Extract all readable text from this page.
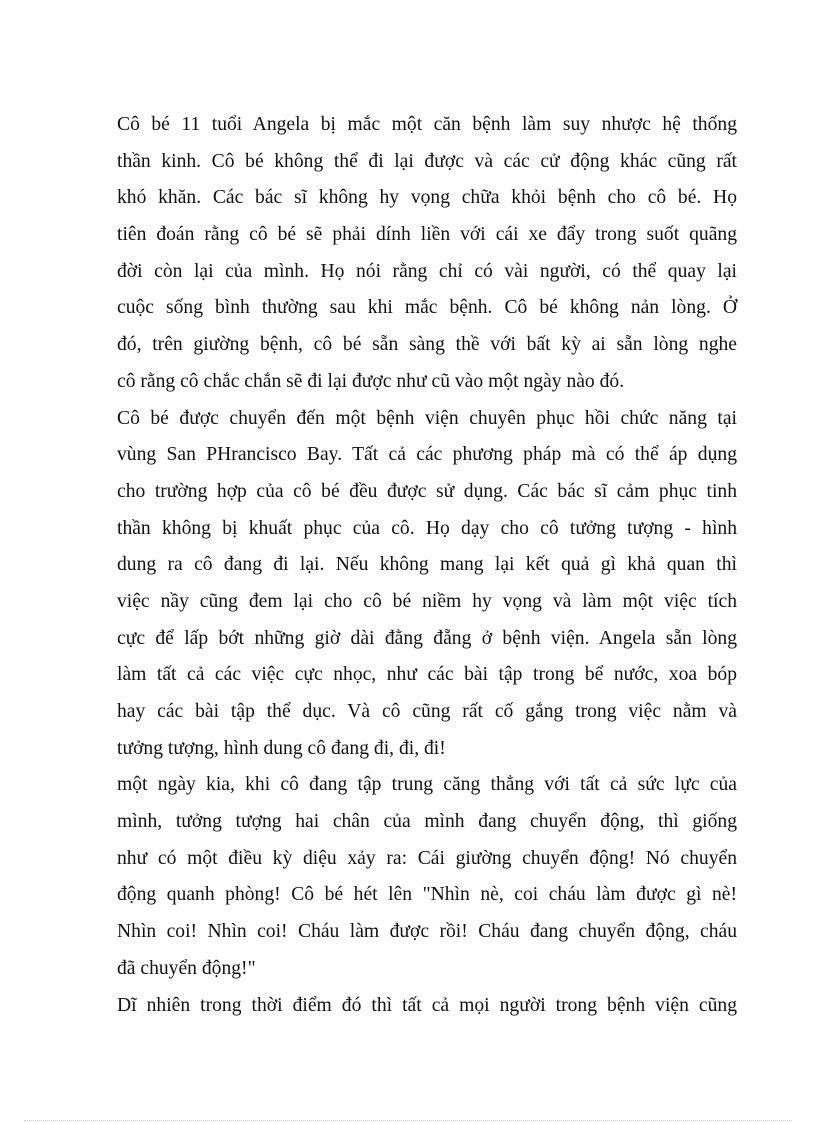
Cô bé 11 tuổi Angela bị mắc một căn bệnh làm suy nhược hệ thống
thần kinh. Cô bé không thể đi lại được và các cử động khác cũng rất
khó khăn. Các bác sĩ không hy vọng chữa khỏi bệnh cho cô bé. Họ
tiên đoán rằng cô bé sẽ phải dính liền với cái xe đẩy trong suốt quãng
đời còn lại của mình. Họ nói rằng chỉ có vài người, có thể quay lại
cuộc sống bình thường sau khi mắc bệnh. Cô bé không nản lòng. Ở
đó, trên giường bệnh, cô bé sẵn sàng thề với bất kỳ ai sẵn lòng nghe
cô rằng cô chắc chắn sẽ đi lại được như cũ vào một ngày nào đó.
Cô bé được chuyển đến một bệnh viện chuyên phục hồi chức năng tại
vùng San PHrancisco Bay. Tất cả các phương pháp mà có thể áp dụng
cho trường hợp của cô bé đều được sử dụng. Các bác sĩ cảm phục tinh
thần không bị khuất phục của cô. Họ dạy cho cô tưởng tượng - hình
dung ra cô đang đi lại. Nếu không mang lại kết quả gì khả quan thì
việc nầy cũng đem lại cho cô bé niềm hy vọng và làm một việc tích
cực để lấp bớt những giờ dài đằng đẵng ở bệnh viện. Angela sẵn lòng
làm tất cả các việc cực nhọc, như các bài tập trong bể nước, xoa bóp
hay các bài tập thể dục. Và cô cũng rất cố gắng trong việc nằm và
tưởng tượng, hình dung cô đang đi, đi, đi!
một ngày kia, khi cô đang tập trung căng thẳng với tất cả sức lực của
mình, tưởng tượng hai chân của mình đang chuyển động, thì giống
như có một điều kỳ diệu xảy ra: Cái giường chuyển động! Nó chuyển
động quanh phòng! Cô bé hét lên "Nhìn nè, coi cháu làm được gì nè!
Nhìn coi! Nhìn coi! Cháu làm được rồi! Cháu đang chuyển động, cháu
đã chuyển động!"
Dĩ nhiên trong thời điểm đó thì tất cả mọi người trong bệnh viện cũng
